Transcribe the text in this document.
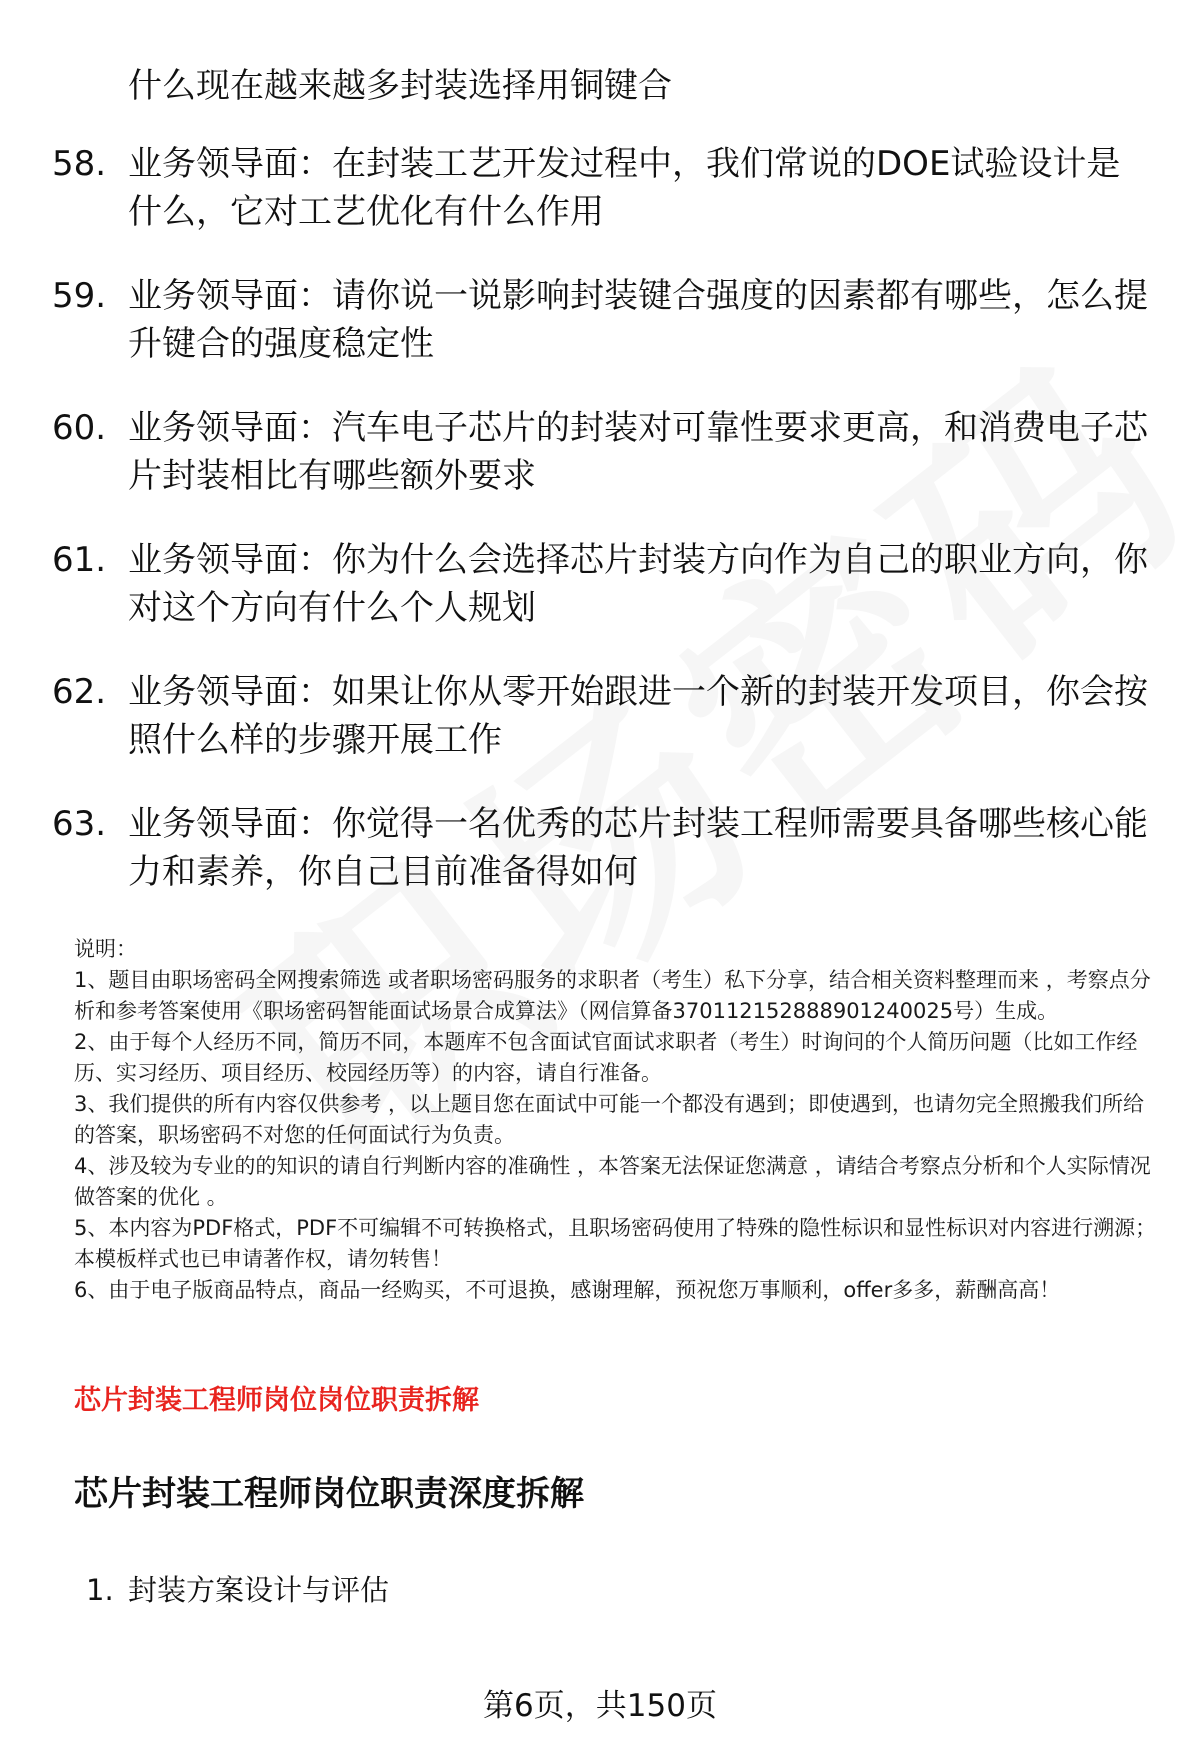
什么现在越来越多封装选择用铜键合
58. 业务领导面：在封装工艺开发过程中，我们常说的DOE试验设计是什么，它对工艺优化有什么作用
59. 业务领导面：请你说一说影响封装键合强度的因素都有哪些，怎么提升键合的强度稳定性
60. 业务领导面：汽车电子芯片的封装对可靠性要求更高，和消费电子芯片封装相比有哪些额外要求
61. 业务领导面：你为什么会选择芯片封装方向作为自己的职业方向，你对这个方向有什么个人规划
62. 业务领导面：如果让你从零开始跟进一个新的封装开发项目，你会按照什么样的步骤开展工作
63. 业务领导面：你觉得一名优秀的芯片封装工程师需要具备哪些核心能力和素养，你自己目前准备得如何

说明：

1、题目由职场密码全网搜索筛选 或者职场密码服务的求职者（考生）私下分享，结合相关资料整理而来 ，考察点分析和参考答案使用《职场密码智能面试场景合成算法》（网信算备370112152888901240025号）生成。

2、由于每个人经历不同，简历不同，本题库不包含面试官面试求职者（考生）时询问的个人简历问题（比如工作经历、实习经历、项目经历、校园经历等）的内容，请自行准备。

3、我们提供的所有内容仅供参考 ，以上题目您在面试中可能一个都没有遇到；即使遇到，也请勿完全照搬我们所给的答案，职场密码不对您的任何面试行为负责。

4、涉及较为专业的的知识的请自行判断内容的准确性 ，本答案无法保证您满意 ，请结合考察点分析和个人实际情况做答案的优化 。

5、本内容为PDF格式，PDF不可编辑不可转换格式，且职场密码使用了特殊的隐性标识和显性标识对内容进行溯源；本模板样式也已申请著作权，请勿转售！

6、由于电子版商品特点，商品一经购买，不可退换，感谢理解，预祝您万事顺利，offer多多，薪酬高高！

芯片封装工程师岗位岗位职责拆解
芯片封装工程师岗位职责深度拆解
1. 封装方案设计与评估
第6页，共150页
